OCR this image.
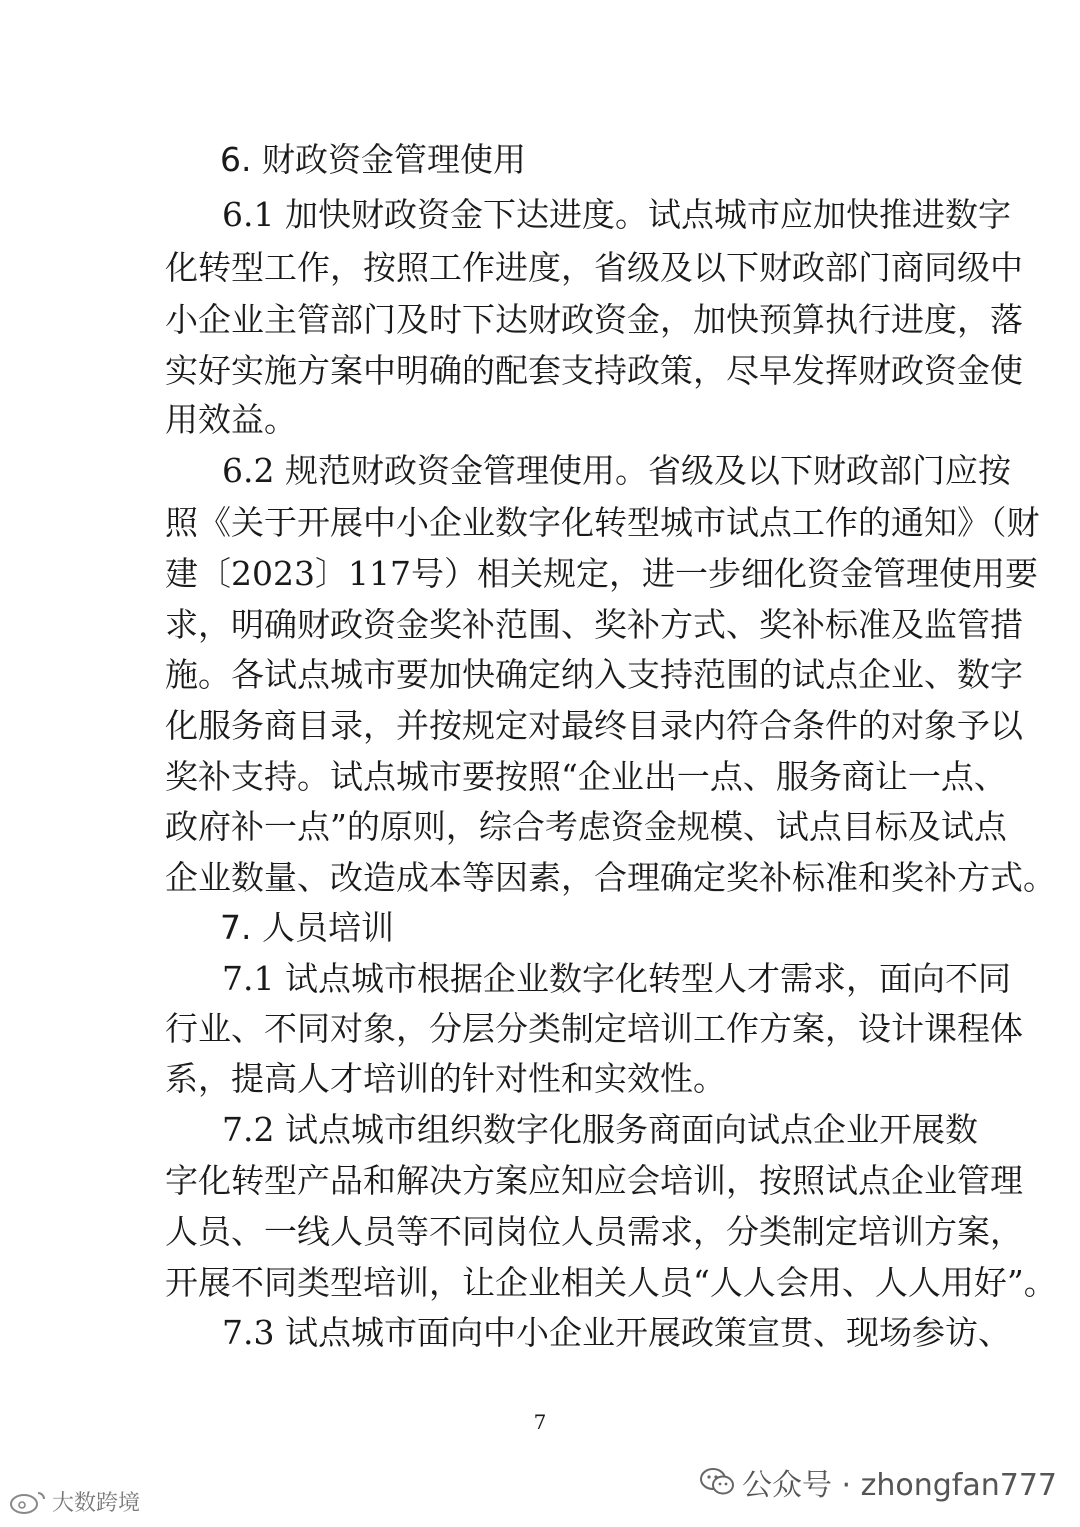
6. 财政资金管理使用
6.1 加快财政资金下达进度。试点城市应加快推进数字
化转型工作，按照工作进度，省级及以下财政部门商同级中
小企业主管部门及时下达财政资金，加快预算执行进度，落
实好实施方案中明确的配套支持政策，尽早发挥财政资金使
用效益。
6.2 规范财政资金管理使用。省级及以下财政部门应按
照《关于开展中小企业数字化转型城市试点工作的通知》（财
建〔2023〕117号）相关规定，进一步细化资金管理使用要
求，明确财政资金奖补范围、奖补方式、奖补标准及监管措
施。各试点城市要加快确定纳入支持范围的试点企业、数字
化服务商目录，并按规定对最终目录内符合条件的对象予以
奖补支持。试点城市要按照“企业出一点、服务商让一点、
政府补一点”的原则，综合考虑资金规模、试点目标及试点
企业数量、改造成本等因素，合理确定奖补标准和奖补方式。
7. 人员培训
7.1 试点城市根据企业数字化转型人才需求，面向不同
行业、不同对象，分层分类制定培训工作方案，设计课程体
系，提高人才培训的针对性和实效性。
7.2 试点城市组织数字化服务商面向试点企业开展数
字化转型产品和解决方案应知应会培训，按照试点企业管理
人员、一线人员等不同岗位人员需求，分类制定培训方案，
开展不同类型培训，让企业相关人员“人人会用、人人用好”。
7.3 试点城市面向中小企业开展政策宣贯、现场参访、
7
公众号 · zhongfan777
大数跨境
